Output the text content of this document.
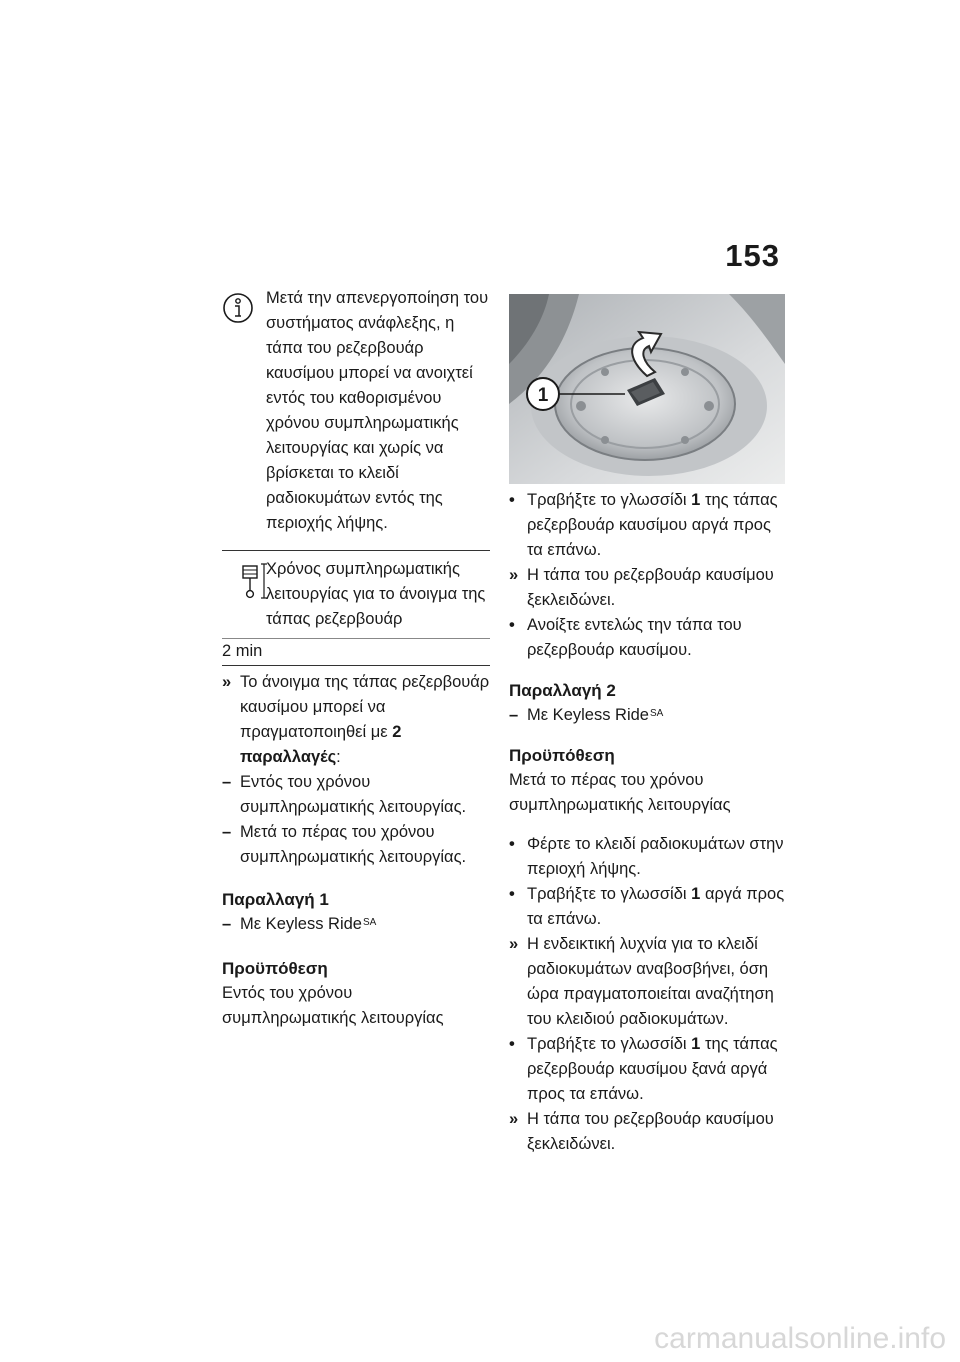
153

Μετά την απενεργοποίηση του συστήματος ανάφλεξης, η τάπα του ρεζερβουάρ καυσίμου μπορεί να ανοιχτεί εντός του καθορισμένου χρόνου συμπληρωματικής λειτουργίας και χωρίς να βρίσκεται το κλειδί ραδιοκυμάτων εντός της περιοχής λήψης.

Χρόνος συμπληρωματικής λειτουργίας για το άνοιγμα της τάπας ρεζερβουάρ

2 min
» Το άνοιγμα της τάπας ρεζερβουάρ καυσίμου μπορεί να πραγματοποιηθεί με 2 παραλλαγές:
– Εντός του χρόνου συμπληρωματικής λειτουργίας.
– Μετά το πέρας του χρόνου συμπληρωματικής λειτουργίας.
Παραλλαγή 1
– Με Keyless Ride$^{SA}$
Προϋπόθεση

Εντός του χρόνου συμπληρωματικής λειτουργίας

1
• Τραβήξτε το γλωσσίδι 1 της τάπας ρεζερβουάρ καυσίμου αργά προς τα επάνω.
» Η τάπα του ρεζερβουάρ καυσίμου ξεκλειδώνει.
• Ανοίξτε εντελώς την τάπα του ρεζερβουάρ καυσίμου.
Παραλλαγή 2
– Με Keyless Ride$^{SA}$
Προϋπόθεση

Μετά το πέρας του χρόνου συμπληρωματικής λειτουργίας

• Φέρτε το κλειδί ραδιοκυμάτων στην περιοχή λήψης.
• Τραβήξτε το γλωσσίδι 1 αργά προς τα επάνω.
» Η ενδεικτική λυχνία για το κλειδί ραδιοκυμάτων αναβοσβήνει, όση ώρα πραγματοποιείται αναζήτηση του κλειδιού ραδιοκυμάτων.
• Τραβήξτε το γλωσσίδι 1 της τάπας ρεζερβουάρ καυσίμου ξανά αργά προς τα επάνω.
» Η τάπα του ρεζερβουάρ καυσίμου ξεκλειδώνει.
carmanualsonline.info
